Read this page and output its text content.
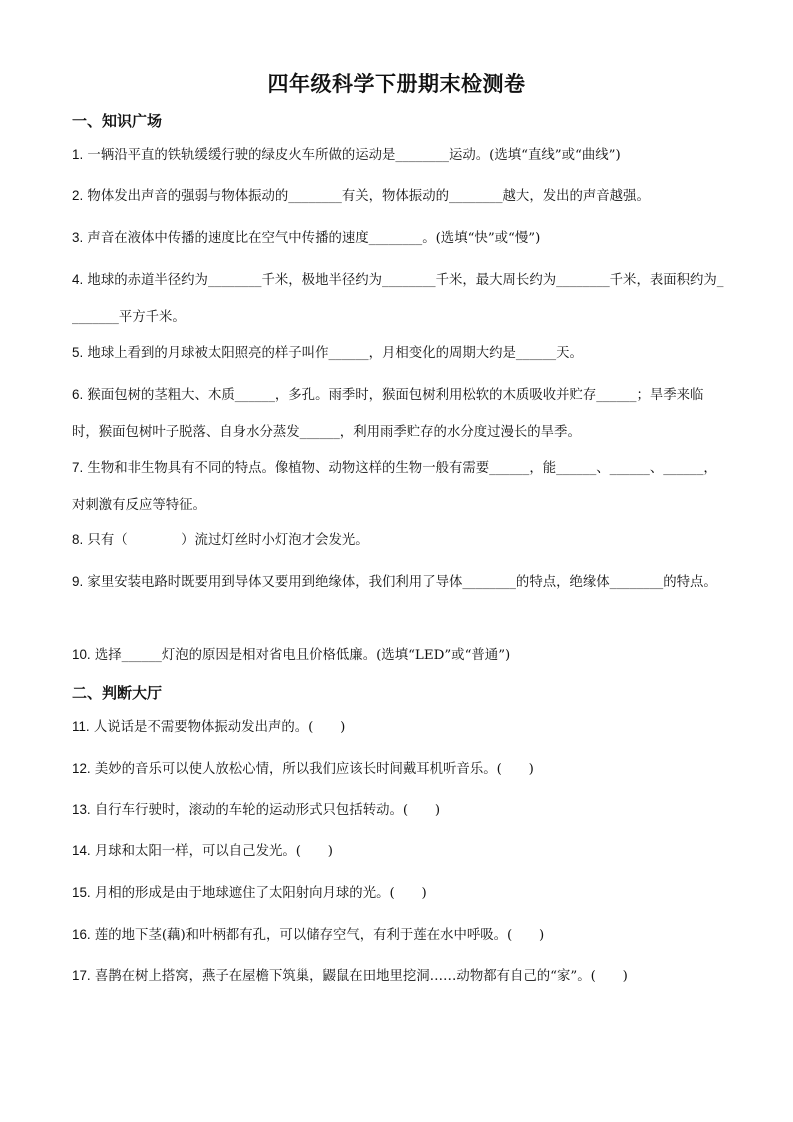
四年级科学下册期末检测卷
一、知识广场
1. 一辆沿平直的铁轨缓缓行驶的绿皮火车所做的运动是________运动。(选填“直线”或“曲线”)
2. 物体发出声音的强弱与物体振动的________有关，物体振动的________越大，发出的声音越强。
3. 声音在液体中传播的速度比在空气中传播的速度________。(选填“快”或“慢”)
4. 地球的赤道半径约为________千米，极地半径约为________千米，最大周长约为________千米，表面积约为________平方千米。
5. 地球上看到的月球被太阳照亮的样子叫作______，月相变化的周期大约是______天。
6. 猴面包树的茎粗大、木质______，多孔。雨季时，猴面包树利用松软的木质吸收并贮存______；旱季来临时，猴面包树叶子脱落、自身水分蒸发______，利用雨季贮存的水分度过漫长的旱季。
7. 生物和非生物具有不同的特点。像植物、动物这样的生物一般有需要______，能______、______、______，对刺激有反应等特征。
8. 只有（　　　　）流过灯丝时小灯泡才会发光。
9. 家里安装电路时既要用到导体又要用到绝缘体，我们利用了导体________的特点，绝缘体________的特点。
10. 选择______灯泡的原因是相对省电且价格低廉。(选填“LED”或“普通”)
二、判断大厅
11. 人说话是不需要物体振动发出声的。(　　)
12. 美妙的音乐可以使人放松心情，所以我们应该长时间戴耳机听音乐。(　　)
13. 自行车行驶时，滚动的车轮的运动形式只包括转动。(　　)
14. 月球和太阳一样，可以自己发光。(　　)
15. 月相的形成是由于地球遮住了太阳射向月球的光。(　　)
16. 莲的地下茎(藕)和叶柄都有孔，可以储存空气，有利于莲在水中呼吸。(　　)
17. 喜鹊在树上搭窝，燕子在屋檐下筑巢，鼹鼠在田地里挖洞……动物都有自己的“家”。(　　)
